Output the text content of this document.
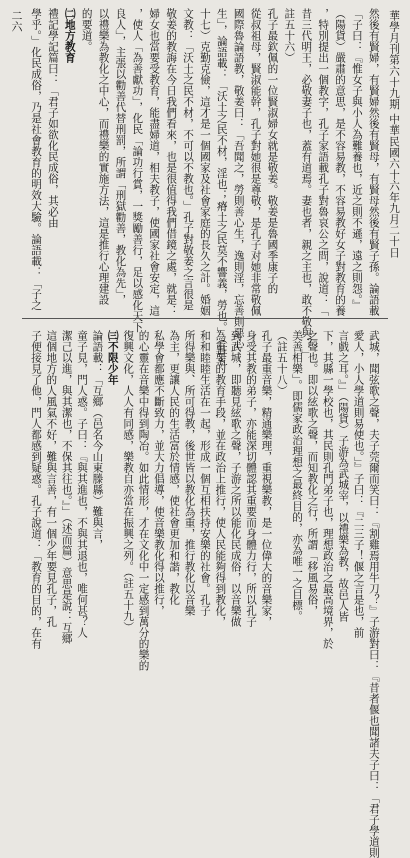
華學月刊第六十九期 中華民國六十六年九月二十日
二六	然後有賢婦，有賢婦然後有賢母，有賢母然後有賢子孫。論語載
「子曰：『惟女子與小人為難養也，近之則不遜，遠之則怨。』
（陽貨）嚴肅的意思，是不容易教，不容易教好女子對教育的養
，特別提出一個教字，孔子家語載孔子對魯哀公之問，說道：「
昔三代明王，必敬妻子也，蓋有道焉。妻也者，親之主也，敢不敬與？」
註五十六）
孔子最欽佩的一位賢淑婦女就是敬姜。敬姜是魯國季康子的
從叔祖母，賢淑能幹，孔子對她很是尊敬，是孔子对她非常敬佩
國際魯論語教，敬姜曰：「吾聞之，勞則善心生，逸則淫，忘善則惡心
生」，論語載：「沃土之民不材，淫也；瘠土之民莫不響義，勞也。」（註五
十七）克勤克儉，這才是一個國家及社會家庭的長久之計。婚姻
文教：「沃土之民不材，不可以不教也。」孔子對敬姜之言很是
敬姜的教誨在今日我們看來，也是很值得我們借鏡之處，就是：
婦女也當要受教育，能盡婦道，相夫教子，使國家社會安定，這
，使人「為善獻功」，化民「論功行賞，一獎勵善行，足以感化天下
良人」，主張以勸善代替刑罰，所謂「刑獄勸善，教化為先」，
以禮樂為教化之中心，而禮樂的實施方法，這是推行心理建設
的要道。
㈡地方教育
禮記學記篇曰：「君子如欲化民成俗，其必由
學乎。」化民成俗，乃是社會教育的明效大驗。論語載：「子之
武城，聞弦歌之聲，夫子莞爾而笑曰：『割雞焉用牛刀？』子游對曰：『昔者偃也聞諸夫子曰：「君子學道則
愛人，小人學道則易使也。」』子曰：『二三子！偃之言是也，前
言戲之耳。』」（陽貨）子游為武城宰，以禮樂為教，故邑人皆
下，其縣一學校也，其民則孔門弟子也，理想政治之最高境界，於
之聲也。即以絃歌之聲，而知教化之行，所謂「移風易俗，
美善相樂」。即儒家政治理想之最終目的，亦為唯一之目標。
（註五十八）
孔子最重音樂，精通樂理，重視樂教，是一位偉大的音樂家，
身受其教的弟子，亦能深切體認其重要而身體力行，所以孔子
到武城，即聽見絃歌之聲，子游之所以能化民成俗，以音樂做
為重要的教育手段，並在政治上推行，使人民能夠得到教化，
和和睦睦生活在一起，形成一個互相扶持安樂的社會。孔子
所得樂與、所可得教，後世皆以教化為重，推行教化以音樂
為主，更讓人民的生活富於情感，使社會更加和諧，教化
私學會都應不斷致力，並大力倡導，使音樂教化得以推行，
的心靈在音樂中得到陶冶。如此情形，才在文化中一定感到萬分的樂的
復興文化，人人有同感，樂教自亦當在振興之列。（註五十九）
㈢不限少年
論語載：「互鄉（邑名今山東滕縣）難與言，
童子見，門人惑。子曰：『與其進也，不與其退也，唯何甚？人
潔己以進，與其潔也，不保其往也。』」（述而篇）意思是說：互鄉
這個地方的人風氣不好，難與言善，有一個少年要見孔子，孔
子便接見了他，門人都感到疑惑。孔子說道：「教育的目的，在有
